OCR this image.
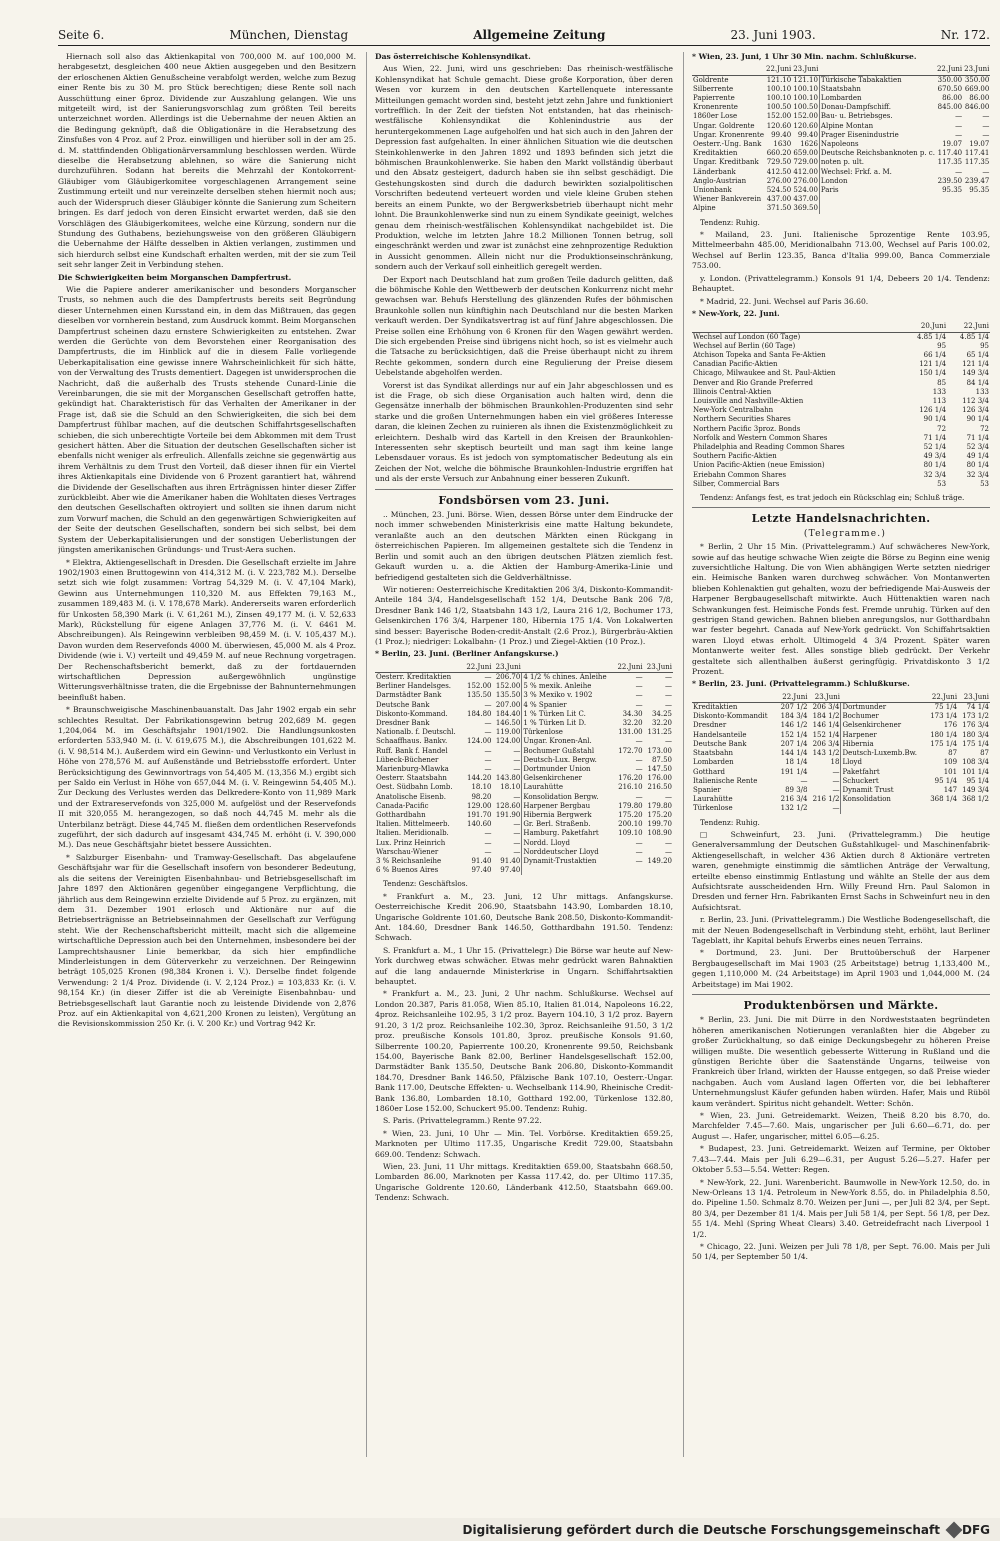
Seite 6.	München, Dienstag	Allgemeine Zeitung	23. Juni 1903.	Nr. 172.

Hiernach soll also das Aktienkapital von 700,000 M. auf 100,000 M. herabgesetzt, desgleichen 400 neue Aktien ausgegeben und den Besitzern der erloschenen Aktien Genußscheine verabfolgt werden, welche zum Bezug einer Rente bis zu 30 M. pro Stück berechtigen; diese Rente soll nach Ausschüttung einer 6proz. Dividende zur Auszahlung gelangen. Wie uns mitgeteilt wird, ist der Sanierungsvorschlag zum größten Teil bereits unterzeichnet worden. Allerdings ist die Uebernahme der neuen Aktien an die Bedingung geknüpft, daß die Obligationäre in die Herabsetzung des Zinsfußes von 4 Proz. auf 2 Proz. einwilligen und hierüber soll in der am 25. d. M. stattfindenden Obligationärversammlung beschlossen werden. Würde dieselbe die Herabsetzung ablehnen, so wäre die Sanierung nicht durchzuführen. Sodann hat bereits die Mehrzahl der Kontokorrent-Gläubiger vom Gläubigerkomitee vorgeschlagenen Arrangement seine Zustimmung erteilt und nur vereinzelte derselben stehen hiermit noch aus; auch der Widerspruch dieser Gläubiger könnte die Sanierung zum Scheitern bringen. Es darf jedoch von deren Einsicht erwartet werden, daß sie den Vorschlägen des Gläubigerkomitees, welche eine Kürzung, sondern nur die Stundung des Guthabens, beziehungsweise von den größeren Gläubigern die Uebernahme der Hälfte desselben in Aktien verlangen, zustimmen und sich hierdurch selbst eine Kundschaft erhalten werden, mit der sie zum Teil seit sehr langer Zeit in Verbindung stehen.

Die Schwierigkeiten beim Morganschen Dampfertrust.

Wie die Papiere anderer amerikanischer und besonders Morganscher Trusts, so nehmen auch die des Dampfertrusts bereits seit Begründung dieser Unternehmen einen Kursstand ein, in dem das Mißtrauen, das gegen dieselben vor vornherein bestand, zum Ausdruck kommt. Beim Morganschen Dampfertrust scheinen dazu ernstere Schwierigkeiten zu entstehen. Zwar werden die Gerüchte von dem Bevorstehen einer Reorganisation des Dampfertrusts, die im Hinblick auf die in diesem Falle vorliegende Ueberkapitalisation eine gewisse innere Wahrscheinlichkeit für sich hätte, von der Verwaltung des Trusts dementiert. Dagegen ist unwidersprochen die Nachricht, daß die außerhalb des Trusts stehende Cunard-Linie die Vereinbarungen, die sie mit der Morganschen Gesellschaft getroffen hatte, gekündigt hat. Charakteristisch für das Verhalten der Amerikaner in der Frage ist, daß sie die Schuld an den Schwierigkeiten, die sich bei dem Dampfertrust fühlbar machen, auf die deutschen Schiffahrtsgesellschaften schieben, die sich unberechtigte Vorteile bei dem Abkommen mit dem Trust gesichert hätten. Aber die Situation der deutschen Gesellschaften sicher ist ebenfalls nicht weniger als erfreulich. Allenfalls zeichne sie gegenwärtig aus ihrem Verhältnis zu dem Trust den Vorteil, daß dieser ihnen für ein Viertel ihres Aktienkapitals eine Dividende von 6 Prozent garantiert hat, während die Dividende der Gesellschaften aus ihren Erträgnissen hinter dieser Ziffer zurückbleibt. Aber wie die Amerikaner haben die Wohltaten dieses Vertrages den deutschen Gesellschaften oktroyiert und sollten sie ihnen darum nicht zum Vorwurf machen, die Schuld an den gegenwärtigen Schwierigkeiten auf der Seite der deutschen Gesellschaften, sondern bei sich selbst, bei dem System der Ueberkapitalisierungen und der sonstigen Ueberlistungen der jüngsten amerikanischen Gründungs- und Trust-Aera suchen.

* Elektra, Aktiengesellschaft in Dresden. Die Gesellschaft erzielte im Jahre 1902/1903 einen Bruttogewinn von 414,312 M. (i. V. 223,782 M.). Derselbe setzt sich wie folgt zusammen: Vortrag 54,329 M. (i. V. 47,104 Mark), Gewinn aus Unternehmungen 110,320 M. aus Effekten 79,163 M., zusammen 189,483 M. (i. V. 178,678 Mark). Andererseits waren erforderlich für Unkosten 58,390 Mark (i. V. 61,261 M.), Zinsen 49,177 M. (i. V. 52,633 Mark), Rückstellung für eigene Anlagen 37,776 M. (i. V. 6461 M. Abschreibungen). Als Reingewinn verbleiben 98,459 M. (i. V. 105,437 M.). Davon wurden dem Reservefonds 4000 M. überwiesen, 45,000 M. als 4 Proz. Dividende (wie i. V.) verteilt und 49,459 M. auf neue Rechnung vorgetragen. Der Rechenschaftsbericht bemerkt, daß zu der fortdauernden wirtschaftlichen Depression außergewöhnlich ungünstige Witterungsverhältnisse traten, die die Ergebnisse der Bahnunternehmungen beeinflußt haben.

* Braunschweigische Maschinenbauanstalt. Das Jahr 1902 ergab ein sehr schlechtes Resultat. Der Fabrikationsgewinn betrug 202,689 M. gegen 1,204,064 M. im Geschäftsjahr 1901/1902. Die Handlungsunkosten erforderten 533,940 M. (i. V. 619,675 M.), die Abschreibungen 101,622 M. (i. V. 98,514 M.). Außerdem wird ein Gewinn- und Verlustkonto ein Verlust in Höhe von 278,576 M. auf Außenstände und Betriebsstoffe erfordert. Unter Berücksichtigung des Gewinnvortrags von 54,405 M. (13,356 M.) ergibt sich per Saldo ein Verlust in Höhe von 657,044 M. (i. V. Reingewinn 54,405 M.). Zur Deckung des Verlustes werden das Delkredere-Konto von 11,989 Mark und der Extrareservefonds von 325,000 M. aufgelöst und der Reservefonds II mit 320,055 M. herangezogen, so daß noch 44,745 M. mehr als die Unterbilanz beträgt. Diese 44,745 M. fließen dem ordentlichen Reservefonds zugeführt, der sich dadurch auf insgesamt 434,745 M. erhöht (i. V. 390,000 M.). Das neue Geschäftsjahr bietet bessere Aussichten.

* Salzburger Eisenbahn- und Tramway-Gesellschaft. Das abgelaufene Geschäftsjahr war für die Gesellschaft insofern von besonderer Bedeutung, als die seitens der Vereinigten Eisenbahnbau- und Betriebsgesellschaft im Jahre 1897 den Aktionären gegenüber eingegangene Verpflichtung, die jährlich aus dem Reingewinn erzielte Dividende auf 5 Proz. zu ergänzen, mit dem 31. Dezember 1901 erlosch und Aktionäre nur auf die Betriebserträgnisse an Betriebseinnahmen der Gesellschaft zur Verfügung steht. Wie der Rechenschaftsbericht mitteilt, macht sich die allgemeine wirtschaftliche Depression auch bei den Unternehmen, insbesondere bei der Lamprechtshausner Linie bemerkbar, da sich hier empfindliche Minderleistungen in dem Güterverkehr zu verzeichnen. Der Reingewinn beträgt 105,025 Kronen (98,384 Kronen i. V.). Derselbe findet folgende Verwendung: 2 1/4 Proz. Dividende (i. V. 2,124 Proz.) = 103,833 Kr. (i. V. 98,154 Kr.) (in dieser Ziffer ist die ab Vereinigte Eisenbahnbau- und Betriebsgesellschaft laut Garantie noch zu leistende Dividende von 2,876 Proz. auf ein Aktienkapital von 4,621,200 Kronen zu leisten), Vergütung an die Revisionskommission 250 Kr. (i. V. 200 Kr.) und Vortrag 942 Kr.

Das österreichische Kohlensyndikat.

Aus Wien, 22. Juni, wird uns geschrieben: Das rheinisch-westfälische Kohlensyndikat hat Schule gemacht. Diese große Korporation, über deren Wesen vor kurzem in den deutschen Kartellenquete interessante Mitteilungen gemacht worden sind, besteht jetzt zehn Jahre und funktioniert vortrefflich. In der Zeit der tiefsten Not entstanden, hat das rheinisch-westfälische Kohlensyndikat die Kohlenindustrie aus der heruntergekommenen Lage aufgeholfen und hat sich auch in den Jahren der Depression fast aufgehalten. In einer ähnlichen Situation wie die deutschen Steinkohlenwerke in den Jahren 1892 und 1893 befinden sich jetzt die böhmischen Braunkohlenwerke. Sie haben den Markt vollständig überbaut und den Absatz gesteigert, dadurch haben sie ihn selbst geschädigt. Die Gestehungskosten sind durch die dadurch bewirkten sozialpolitischen Vorschriften bedeutend verteuert worden und viele kleine Gruben stehen bereits an einem Punkte, wo der Bergwerksbetrieb überhaupt nicht mehr lohnt. Die Braunkohlenwerke sind nun zu einem Syndikate geeinigt, welches genau dem rheinisch-westfälischen Kohlensyndikat nachgebildet ist. Die Produktion, welche im letzten Jahre 18.2 Millionen Tonnen betrug, soll eingeschränkt werden und zwar ist zunächst eine zehnprozentige Reduktion in Aussicht genommen. Allein nicht nur die Produktionseinschränkung, sondern auch der Verkauf soll einheitlich geregelt werden.

Der Export nach Deutschland hat zum großen Teile dadurch gelitten, daß die böhmische Kohle den Wettbewerb der deutschen Konkurrenz nicht mehr gewachsen war. Behufs Herstellung des glänzenden Rufes der böhmischen Braunkohle sollen nun künftighin nach Deutschland nur die besten Marken verkauft werden. Der Syndikatsvertrag ist auf fünf Jahre abgeschlossen. Die Preise sollen eine Erhöhung von 6 Kronen für den Wagen gewährt werden. Die sich ergebenden Preise sind übrigens nicht hoch, so ist es vielmehr auch die Tatsache zu berücksichtigen, daß die Preise überhaupt nicht zu ihrem Rechte gekommen, sondern durch eine Regulierung der Preise diesem Uebelstande abgeholfen werden.

Vorerst ist das Syndikat allerdings nur auf ein Jahr abgeschlossen und es ist die Frage, ob sich diese Organisation auch halten wird, denn die Gegensätze innerhalb der böhmischen Braunkohlen-Produzenten sind sehr starke und die großen Unternehmungen haben ein viel größeres Interesse daran, die kleinen Zechen zu ruinieren als ihnen die Existenzmöglichkeit zu erleichtern. Deshalb wird das Kartell in den Kreisen der Braunkohlen-Interessenten sehr skeptisch beurteilt und man sagt ihm keine lange Lebensdauer voraus. Es ist jedoch von symptomatischer Bedeutung als ein Zeichen der Not, welche die böhmische Braunkohlen-Industrie ergriffen hat und als der erste Versuch zur Anbahnung einer besseren Zukunft.

Fondsbörsen vom 23. Juni.

.. München, 23. Juni. Börse. Wien, dessen Börse unter dem Eindrucke der noch immer schwebenden Ministerkrisis eine matte Haltung bekundete, veranlaßte auch an den deutschen Märkten einen Rückgang in österreichischen Papieren. Im allgemeinen gestaltete sich die Tendenz in Berlin und somit auch an den übrigen deutschen Plätzen ziemlich fest. Gekauft wurden u. a. die Aktien der Hamburg-Amerika-Linie und befriedigend gestalteten sich die Geldverhältnisse.

Wir notieren: Oesterreichische Kreditaktien 206 3/4, Diskonto-Kommandit-Anteile 184 3/4, Handelsgesellschaft 152 1/4, Deutsche Bank 206 7/8, Dresdner Bank 146 1/2, Staatsbahn 143 1/2, Laura 216 1/2, Bochumer 173, Gelsenkirchen 176 3/4, Harpener 180, Hibernia 175 1/4. Von Lokalwerten sind besser: Bayerische Boden-credit-Anstalt (2.6 Proz.), Bürgerbräu-Aktien (1 Proz.); niedriger: Lokalbahn- (1 Proz.) und Ziegel-Aktien (10 Proz.).

* Berlin, 23. Juni. (Berliner Anfangskurse.)

	22.Juni	23.Juni		22.Juni	23.Juni
Oesterr. Kreditaktien	—	206.70	4 1/2 % chines. Anleihe	—	—
Berliner Handelsges.	152.00	152.00	5 % mexik. Anleihe	—	—
Darmstädter Bank	135.50	135.50	3 % Mexiko v. 1902	—	—
Deutsche Bank	—	207.00	4 % Spanier	—	—
Diskonto-Kommand.	184.80	184.40	1 % Türken Lit C.	34.30	34.25
Dresdner Bank	—	146.50	1 % Türken Lit D.	32.20	32.20
Nationalb. f. Deutschl.	—	119.00	Türkenlose	131.00	131.25
Schaaffhaus. Bankv.	124.00	124.00	Ungar. Kronen-Anl.	—	—
Ruff. Bank f. Handel	—	—	Bochumer Gußstahl	172.70	173.00
Lübeck-Büchener	—	—	Deutsch-Lux. Bergw.	—	87.50
Marienburg-Mlawka	—	—	Dortmunder Union	—	147.50
Oesterr. Staatsbahn	144.20	143.80	Gelsenkirchener	176.20	176.00
Oest. Südbahn Lomb.	18.10	18.10	Laurahütte	216.10	216.50
Anatolische Eisenb.	98.20	—	Konsolidation Bergw.	—	—
Canada-Pacific	129.00	128.60	Harpener Bergbau	179.80	179.80
Gotthardbahn	191.70	191.90	Hibernia Bergwerk	175.20	175.20
Italien. Mittelmeerb.	140.60	—	Gr. Berl. Straßenb.	200.10	199.70
Italien. Meridionalb.	—	—	Hamburg. Paketfahrt	109.10	108.90
Lux. Prinz Heinrich	—	—	Nordd. Lloyd	—	—
Warschau-Wiener	—	—	Norddeutscher Lloyd	—	—
3 % Reichsanleihe	91.40	91.40	Dynamit-Trustaktien	—	149.20
6 % Buenos Aires	97.40	97.40			

Tendenz: Geschäftslos.

* Frankfurt a. M., 23. Juni, 12 Uhr mittags. Anfangskurse. Oesterreichische Kredit 206.90, Staatsbahn 143.90, Lombarden 18.10, Ungarische Goldrente 101.60, Deutsche Bank 208.50, Diskonto-Kommandit-Ant. 184.60, Dresdner Bank 146.50, Gotthardbahn 191.50. Tendenz: Schwach.

S. Frankfurt a. M., 1 Uhr 15. (Privattelegr.) Die Börse war heute auf New-York durchweg etwas schwächer. Etwas mehr gedrückt waren Bahnaktien auf die lang andauernde Ministerkrise in Ungarn. Schiffahrtsaktien behauptet.

* Frankfurt a. M., 23. Juni, 2 Uhr nachm. Schlußkurse. Wechsel auf London 20.387, Paris 81.058, Wien 85.10, Italien 81.014, Napoleons 16.22, 4proz. Reichsanleihe 102.95, 3 1/2 proz. Bayern 104.10, 3 1/2 proz. Bayern 91.20, 3 1/2 proz. Reichsanleihe 102.30, 3proz. Reichsanleihe 91.50, 3 1/2 proz. preußische Konsols 101.80, 3proz. preußische Konsols 91.60, Silberrente 100.20, Papierrente 100.20, Kronenrente 99.50, Reichsbank 154.00, Bayerische Bank 82.00, Berliner Handelsgesellschaft 152.00, Darmstädter Bank 135.50, Deutsche Bank 206.80, Diskonto-Kommandit 184.70, Dresdner Bank 146.50, Pfälzische Bank 107.10, Oesterr.-Ungar. Bank 117.00, Deutsche Effekten- u. Wechselbank 114.90, Rheinische Credit-Bank 136.80, Lombarden 18.10, Gotthard 192.00, Türkenlose 132.80, 1860er Lose 152.00, Schuckert 95.00. Tendenz: Ruhig.

S. Paris. (Privattelegramm.) Rente 97.22.

* Wien, 23. Juni, 10 Uhr — Min. Tel. Vorbörse. Kreditaktien 659.25, Marknoten per Ultimo 117.35, Ungarische Kredit 729.00, Staatsbahn 669.00. Tendenz: Schwach.

Wien, 23. Juni, 11 Uhr mittags. Kreditaktien 659.00, Staatsbahn 668.50, Lombarden 86.00, Marknoten per Kassa 117.42, do. per Ultimo 117.35, Ungarische Goldrente 120.60, Länderbank 412.50, Staatsbahn 669.00. Tendenz: Schwach.

* Wien, 23. Juni, 1 Uhr 30 Min. nachm. Schlußkurse.

	22.Juni	23.Juni		22.Juni	23.Juni
Goldrente	121.10	121.10	Türkische Tabakaktien	350.00	350.00
Silberrente	100.10	100.10	Staatsbahn	670.50	669.00
Papierrente	100.10	100.10	Lombarden	86.00	86.00
Kronenrente	100.50	100.50	Donau-Dampfschiff.	845.00	846.00
1860er Lose	152.00	152.00	Bau- u. Betriebsges.	—	—
Ungar. Goldrente	120.60	120.60	Alpine Montan	—	—
Ungar. Kronenrente	99.40	99.40	Prager Eisenindustrie	—	—
Oesterr.-Ung. Bank	1630	1626	Napoleons	19.07	19.07
Kreditaktien	660.20	659.00	Deutsche Reichsbanknoten p. c.	117.40	117.41
Ungar. Kreditbank	729.50	729.00	noten p. ult.	117.35	117.35
Länderbank	412.50	412.00	Wechsel: Frkf. a. M.	—	—
Anglo-Austrian	276.00	276.00	London	239.50	239.47
Unionbank	524.50	524.00	Paris	95.35	95.35
Wiener Bankverein	437.00	437.00			
Alpine	371.50	369.50			

Tendenz: Ruhig.

* Mailand, 23. Juni. Italienische 5prozentige Rente 103.95, Mittelmeerbahn 485.00, Meridionalbahn 713.00, Wechsel auf Paris 100.02, Wechsel auf Berlin 123.35, Banca d'Italia 999.00, Banca Commerziale 753.00.

y. London. (Privattelegramm.) Konsols 91 1/4, Debeers 20 1/4. Tendenz: Behauptet.

* Madrid, 22. Juni. Wechsel auf Paris 36.60.

* New-York, 22. Juni.

	20.Juni	22.Juni
Wechsel auf London (60 Tage)	4.85 1/4	4.85 1/4
Wechsel auf Berlin (60 Tage)	95	95
Atchison Topeka and Santa Fe-Aktien	66 1/4	65 1/4
Canadian Pacific-Aktien	121 1/4	121 1/4
Chicago, Milwaukee and St. Paul-Aktien	150 1/4	149 3/4
Denver and Rio Grande Preferred	85	84 1/4
Illinois Central-Aktien	133	133
Louisville and Nashville-Aktien	113	112 3/4
New-York Centralbahn	126 1/4	126 3/4
Northern Securities Shares	90 1/4	90 1/4
Northern Pacific 3proz. Bonds	72	72
Norfolk and Western Common Shares	71 1/4	71 1/4
Philadelphia and Reading Common Shares	52 1/4	52 3/4
Southern Pacific-Aktien	49 3/4	49 1/4
Union Pacific-Aktien (neue Emission)	80 1/4	80 1/4
Eriebahn Common Shares	32 3/4	32 3/4
Silber, Commercial Bars	53	53

Tendenz: Anfangs fest, es trat jedoch ein Rückschlag ein; Schluß träge.

Letzte Handelsnachrichten.

(Telegramme.)

* Berlin, 2 Uhr 15 Min. (Privattelegramm.) Auf schwächeres New-York, sowie auf das heutige schwache Wien zeigte die Börse zu Beginn eine wenig zuversichtliche Haltung. Die von Wien abhängigen Werte setzten niedriger ein. Heimische Banken waren durchweg schwächer. Von Montanwerten blieben Kohlenaktien gut gehalten, wozu der befriedigende Mai-Ausweis der Harpener Bergbaugesellschaft mitwirkte. Auch Hüttenaktien waren nach Schwankungen fest. Heimische Fonds fest. Fremde unruhig. Türken auf den gestrigen Stand gewichen. Bahnen blieben anregungslos, nur Gotthardbahn war fester begehrt. Canada auf New-York gedrückt. Von Schiffahrtsaktien waren Lloyd etwas erholt. Ultimogeld 4 3/4 Prozent. Später waren Montanwerte weiter fest. Alles sonstige blieb gedrückt. Der Verkehr gestaltete sich allenthalben äußerst geringfügig. Privatdiskonto 3 1/2 Prozent.

* Berlin, 23. Juni. (Privattelegramm.) Schlußkurse.

	22.Juni	23.Juni		22.Juni	23.Juni
Kreditaktien	207 1/2	206 3/4	Dortmunder	75 1/4	74 1/4
Diskonto-Kommandit	184 3/4	184 1/2	Bochumer	173 1/4	173 1/2
Dresdner	146 1/2	146 1/4	Gelsenkirchener	176	176 3/4
Handelsanteile	152 1/4	152 1/4	Harpener	180 1/4	180 3/4
Deutsche Bank	207 1/4	206 3/4	Hibernia	175 1/4	175 1/4
Staatsbahn	144 1/4	143 1/2	Deutsch-Luxemb.Bw.	87	87
Lombarden	18 1/4	18	Lloyd	109	108 3/4
Gotthard	191 1/4	—	Paketfahrt	101	101 1/4
Italienische Rente	—	—	Schuckert	95 1/4	95 1/4
Spanier	89 3/8	—	Dynamit Trust	147	149 3/4
Laurahütte	216 3/4	216 1/2	Konsolidation	368 1/4	368 1/2
Türkenlose	132 1/2	—			

Tendenz: Ruhig.

□ Schweinfurt, 23. Juni. (Privattelegramm.) Die heutige Generalversammlung der Deutschen Gußstahlkugel- und Maschinenfabrik-Aktiengesellschaft, in welcher 436 Aktien durch 8 Aktionäre vertreten waren, genehmigte einstimmig die sämtlichen Anträge der Verwaltung, erteilte ebenso einstimmig Entlastung und wählte an Stelle der aus dem Aufsichtsrate ausscheidenden Hrn. Willy Freund Hrn. Paul Salomon in Dresden und ferner Hrn. Fabrikanten Ernst Sachs in Schweinfurt neu in den Aufsichtsrat.

r. Berlin, 23. Juni. (Privattelegramm.) Die Westliche Bodengesellschaft, die mit der Neuen Bodengesellschaft in Verbindung steht, erhöht, laut Berliner Tageblatt, ihr Kapital behufs Erwerbs eines neuen Terrains.

* Dortmund, 23. Juni. Der Bruttoüberschuß der Harpener Bergbaugesellschaft im Mai 1903 (25 Arbeitstage) betrug 1,133,400 M., gegen 1,110,000 M. (24 Arbeitstage) im April 1903 und 1,044,000 M. (24 Arbeitstage) im Mai 1902.

Produktenbörsen und Märkte.

* Berlin, 23. Juni. Die mit Dürre in den Nordweststaaten begründeten höheren amerikanischen Notierungen veranlaßten hier die Abgeber zu großer Zurückhaltung, so daß einige Deckungsbegehr zu höheren Preise willigen mußte. Die wesentlich gebesserte Witterung in Rußland und die günstigen Berichte über die Saatenstände Ungarns, teilweise von Frankreich über Irland, wirkten der Hausse entgegen, so daß Preise wieder nachgaben. Auch vom Ausland lagen Offerten vor, die bei lebhafterer Unternehmungslust Käufer gefunden haben würden. Hafer, Mais und Rüböl kaum verändert. Spiritus nicht gehandelt. Wetter: Schön.

* Wien, 23. Juni. Getreidemarkt. Weizen, Theiß 8.20 bis 8.70, do. Marchfelder 7.45—7.60. Mais, ungarischer per Juli 6.60—6.71, do. per August —. Hafer, ungarischer, mittel 6.05—6.25.

* Budapest, 23. Juni. Getreidemarkt. Weizen auf Termine, per Oktober 7.43—7.44. Mais per Juli 6.29—6.31, per August 5.26—5.27. Hafer per Oktober 5.53—5.54. Wetter: Regen.

* New-York, 22. Juni. Warenbericht. Baumwolle in New-York 12.50, do. in New-Orleans 13 1/4. Petroleum in New-York 8.55, do. in Philadelphia 8.50, do. Pipeline 1.50. Schmalz 8.70. Weizen per Juni —, per Juli 82 3/4, per Sept. 80 3/4, per Dezember 81 1/4. Mais per Juli 58 1/4, per Sept. 56 1/8, per Dez. 55 1/4. Mehl (Spring Wheat Clears) 3.40. Getreidefracht nach Liverpool 1 1/2.

* Chicago, 22. Juni. Weizen per Juli 78 1/8, per Sept. 76.00. Mais per Juli 50 1/4, per September 50 1/4.

Digitalisierung gefördert durch die Deutsche Forschungsgemeinschaft DFG
